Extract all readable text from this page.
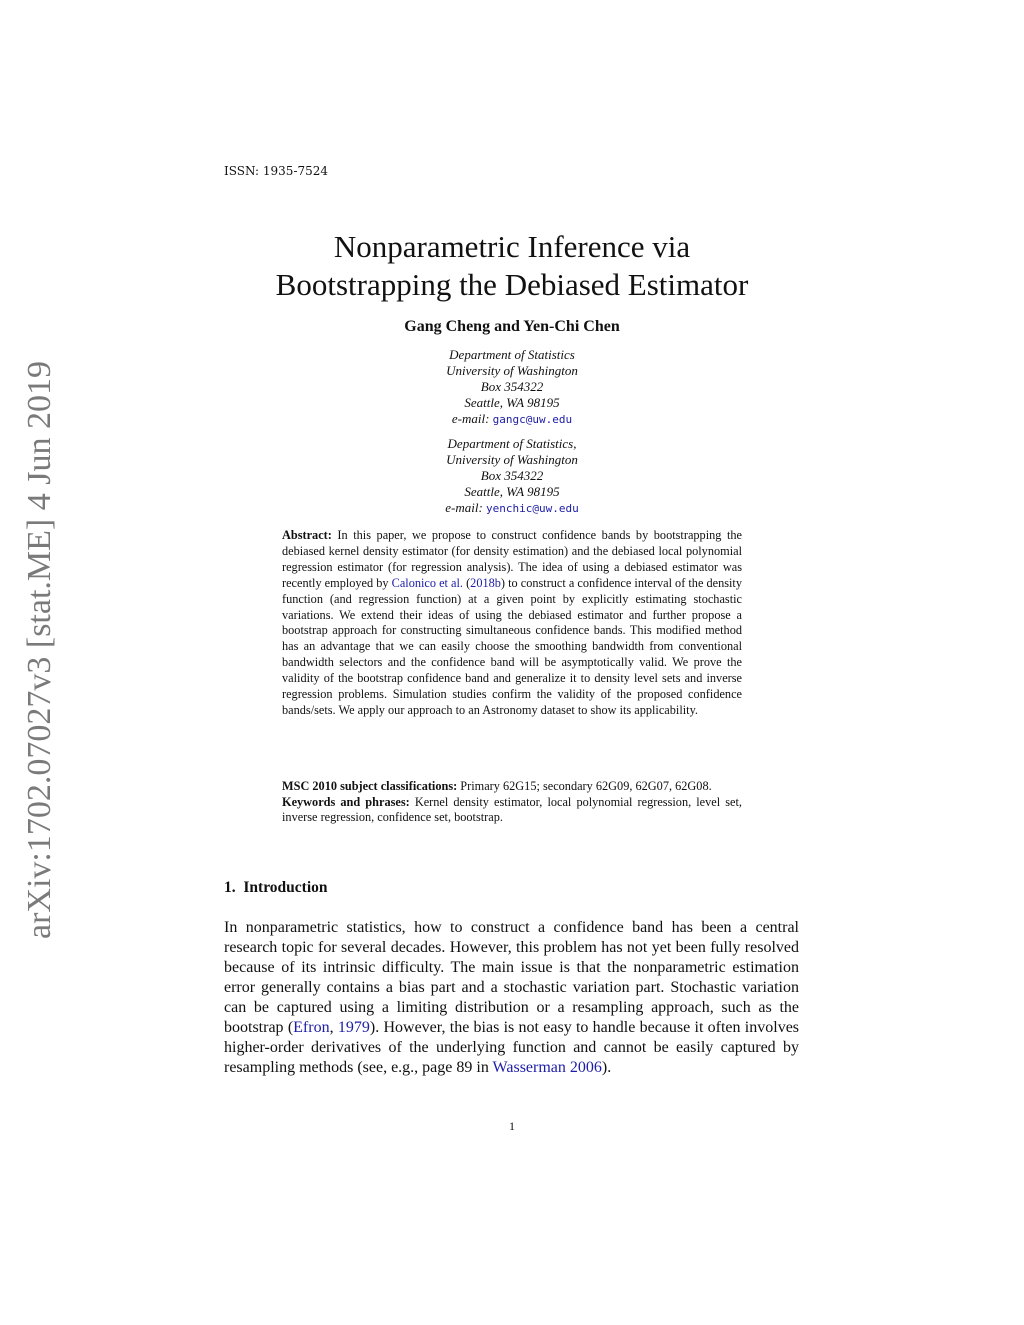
ISSN: 1935-7524
arXiv:1702.07027v3 [stat.ME] 4 Jun 2019
Nonparametric Inference via
Bootstrapping the Debiased Estimator
Gang Cheng and Yen-Chi Chen
Department of Statistics
University of Washington
Box 354322
Seattle, WA 98195
e-mail: gangc@uw.edu
Department of Statistics,
University of Washington
Box 354322
Seattle, WA 98195
e-mail: yenchic@uw.edu
Abstract: In this paper, we propose to construct confidence bands by bootstrapping the debiased kernel density estimator (for density estimation) and the debiased local polynomial regression estimator (for regression analysis). The idea of using a debiased estimator was recently employed by Calonico et al. (2018b) to construct a confidence interval of the density function (and regression function) at a given point by explicitly estimating stochastic variations. We extend their ideas of using the debiased estimator and further propose a bootstrap approach for constructing simultaneous confidence bands. This modified method has an advantage that we can easily choose the smoothing bandwidth from conventional bandwidth selectors and the confidence band will be asymptotically valid. We prove the validity of the bootstrap confidence band and generalize it to density level sets and inverse regression problems. Simulation studies confirm the validity of the proposed confidence bands/sets. We apply our approach to an Astronomy dataset to show its applicability.

MSC 2010 subject classifications: Primary 62G15; secondary 62G09, 62G07, 62G08.

Keywords and phrases: Kernel density estimator, local polynomial regression, level set, inverse regression, confidence set, bootstrap.

1. Introduction

In nonparametric statistics, how to construct a confidence band has been a central research topic for several decades. However, this problem has not yet been fully resolved because of its intrinsic difficulty. The main issue is that the nonparametric estimation error generally contains a bias part and a stochastic variation part. Stochastic variation can be captured using a limiting distribution or a resampling approach, such as the bootstrap (Efron, 1979). However, the bias is not easy to handle because it often involves higher-order derivatives of the underlying function and cannot be easily captured by resampling methods (see, e.g., page 89 in Wasserman 2006).

1
